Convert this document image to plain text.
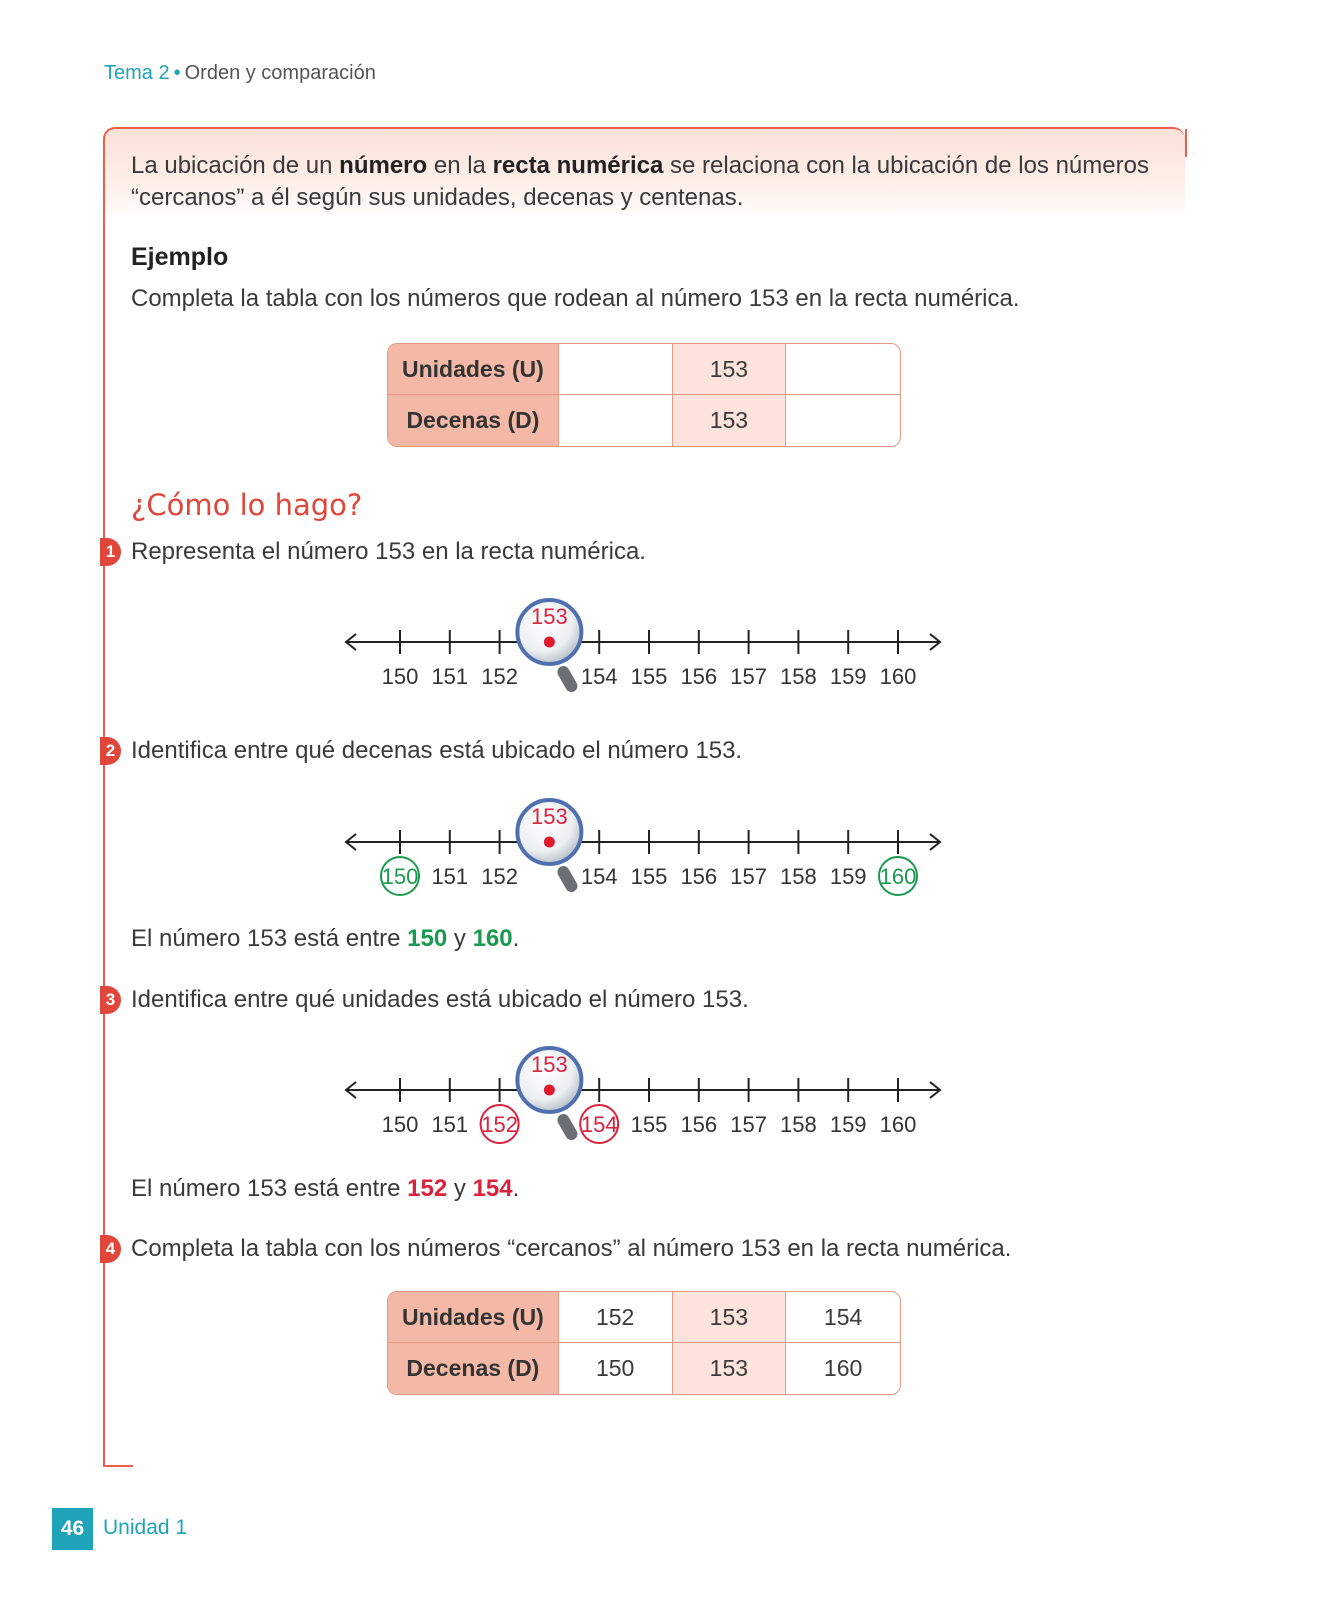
Tema 2 • Orden y comparación
La ubicación de un número en la recta numérica se relaciona con la ubicación de los números
“cercanos” a él según sus unidades, decenas y centenas.
Ejemplo
Completa la tabla con los números que rodean al número 153 en la recta numérica.
Unidades (U)		153	
Decenas (D)		153	
¿Cómo lo hago?
1 Representa el número 153 en la recta numérica.
150 151 152	154 155 156 157 158 159 160
153
2 Identifica entre qué decenas está ubicado el número 153.
150 151 152	154 155 156 157 158 159 160
153
El número 153 está entre 150 y 160.
3 Identifica entre qué unidades está ubicado el número 153.
150 151 152	154 155 156 157 158 159 160
153
El número 153 está entre 152 y 154.
4 Completa la tabla con los números “cercanos” al número 153 en la recta numérica.
Unidades (U)	152	153	154
Decenas (D)	150	153	160
46 Unidad 1
